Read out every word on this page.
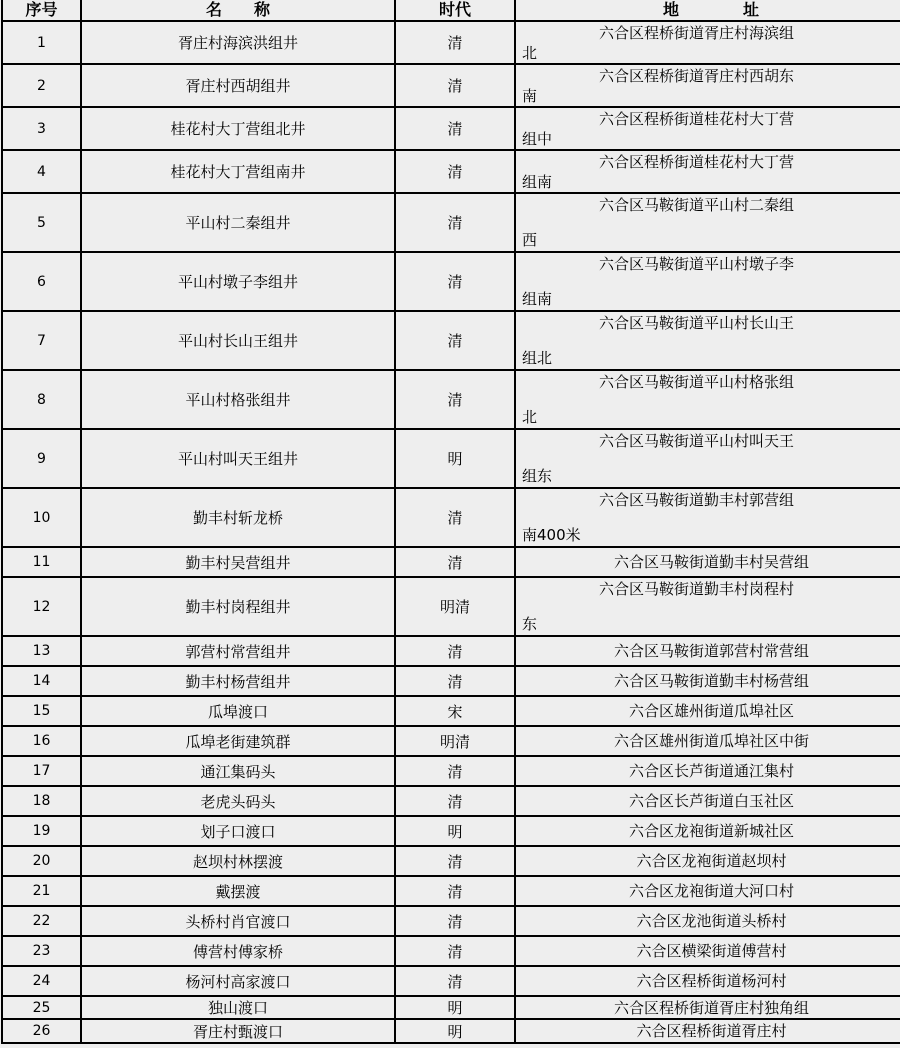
序号	名　　称	时代	地　　　　址
1	胥庄村海滨洪组井	清	六合区程桥街道胥庄村海滨组
北

2	胥庄村西胡组井	清	六合区程桥街道胥庄村西胡东
南

3	桂花村大丁营组北井	清	六合区程桥街道桂花村大丁营
组中

4	桂花村大丁营组南井	清	六合区程桥街道桂花村大丁营
组南

5	平山村二秦组井	清	六合区马鞍街道平山村二秦组
西

6	平山村墩子李组井	清	六合区马鞍街道平山村墩子李
组南

7	平山村长山王组井	清	六合区马鞍街道平山村长山王
组北

8	平山村格张组井	清	六合区马鞍街道平山村格张组
北

9	平山村叫天王组井	明	六合区马鞍街道平山村叫天王
组东

10	勤丰村斩龙桥	清	六合区马鞍街道勤丰村郭营组
南400米

11	勤丰村吴营组井	清	六合区马鞍街道勤丰村吴营组

12	勤丰村岗程组井	明清	六合区马鞍街道勤丰村岗程村
东

13	郭营村常营组井	清	六合区马鞍街道郭营村常营组

14	勤丰村杨营组井	清	六合区马鞍街道勤丰村杨营组

15	瓜埠渡口	宋	六合区雄州街道瓜埠社区

16	瓜埠老街建筑群	明清	六合区雄州街道瓜埠社区中街

17	通江集码头	清	六合区长芦街道通江集村

18	老虎头码头	清	六合区长芦街道白玉社区

19	划子口渡口	明	六合区龙袍街道新城社区

20	赵坝村林摆渡	清	六合区龙袍街道赵坝村

21	戴摆渡	清	六合区龙袍街道大河口村

22	头桥村肖官渡口	清	六合区龙池街道头桥村

23	傅营村傅家桥	清	六合区横梁街道傅营村

24	杨河村高家渡口	清	六合区程桥街道杨河村

25	独山渡口	明	六合区程桥街道胥庄村独角组

26	胥庄村甄渡口	明	六合区程桥街道胥庄村
